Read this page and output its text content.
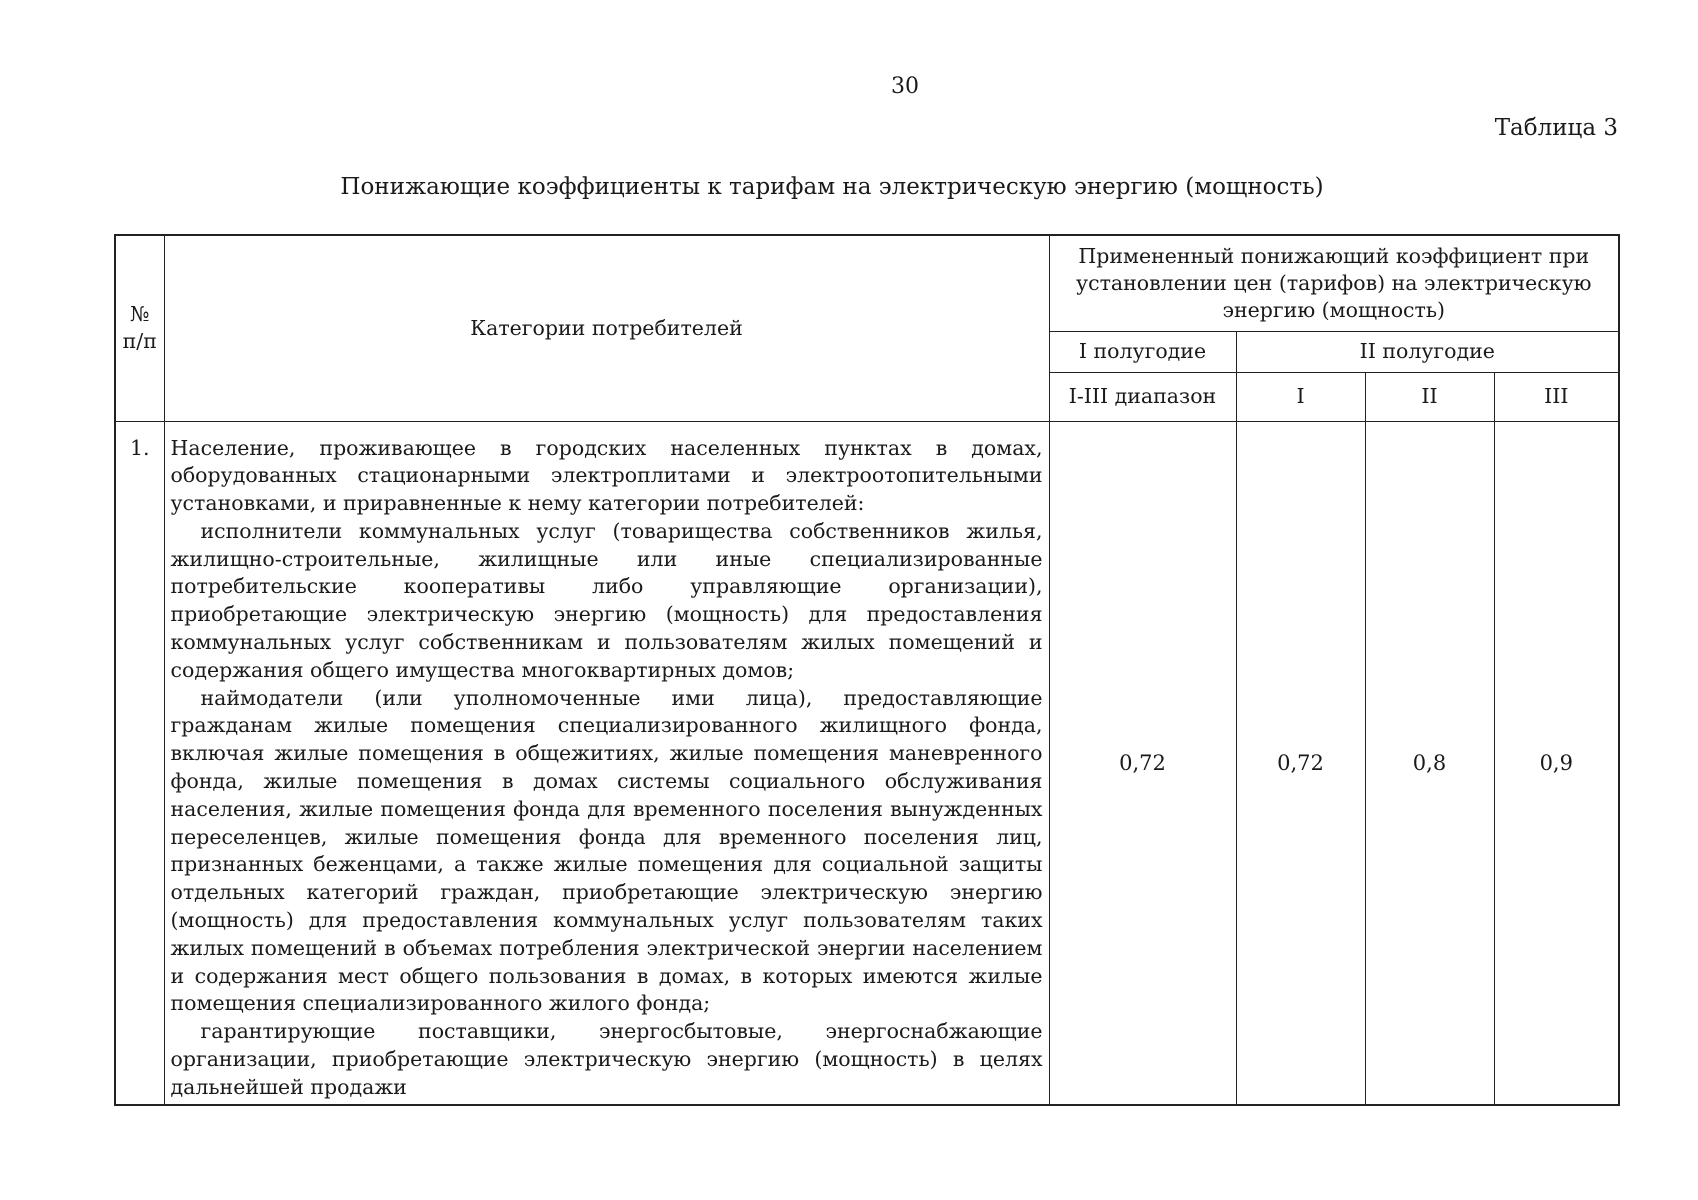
30
Таблица 3
Понижающие коэффициенты к тарифам на электрическую энергию (мощность)
№ п/п	Категории потребителей	Примененный понижающий коэффициент при установлении цен (тарифов) на электрическую энергию (мощность)			
		I полугодие	II полугодие		
		I-III диапазон	I	II	III
1.	Население, проживающее в городских населенных пунктах в домах, оборудованных стационарными электроплитами и электроотопительными установками, и приравненные к нему категории потребителей:

исполнители коммунальных услуг (товарищества собственников жилья, жилищно-строительные, жилищные или иные специализированные потребительские кооперативы либо управляющие организации), приобретающие электрическую энергию (мощность) для предоставления коммунальных услуг собственникам и пользователям жилых помещений и содержания общего имущества многоквартирных домов;

наймодатели (или уполномоченные ими лица), предоставляющие гражданам жилые помещения специализированного жилищного фонда, включая жилые помещения в общежитиях, жилые помещения маневренного фонда, жилые помещения в домах системы социального обслуживания населения, жилые помещения фонда для временного поселения вынужденных переселенцев, жилые помещения фонда для временного поселения лиц, признанных беженцами, а также жилые помещения для социальной защиты отдельных категорий граждан, приобретающие электрическую энергию (мощность) для предоставления коммунальных услуг пользователям таких жилых помещений в объемах потребления электрической энергии населением и содержания мест общего пользования в домах, в которых имеются жилые помещения специализированного жилого фонда;

гарантирующие поставщики, энергосбытовые, энергоснабжающие организации, приобретающие электрическую энергию (мощность) в целях дальнейшей продажи	0,72	0,72	0,8	0,9
